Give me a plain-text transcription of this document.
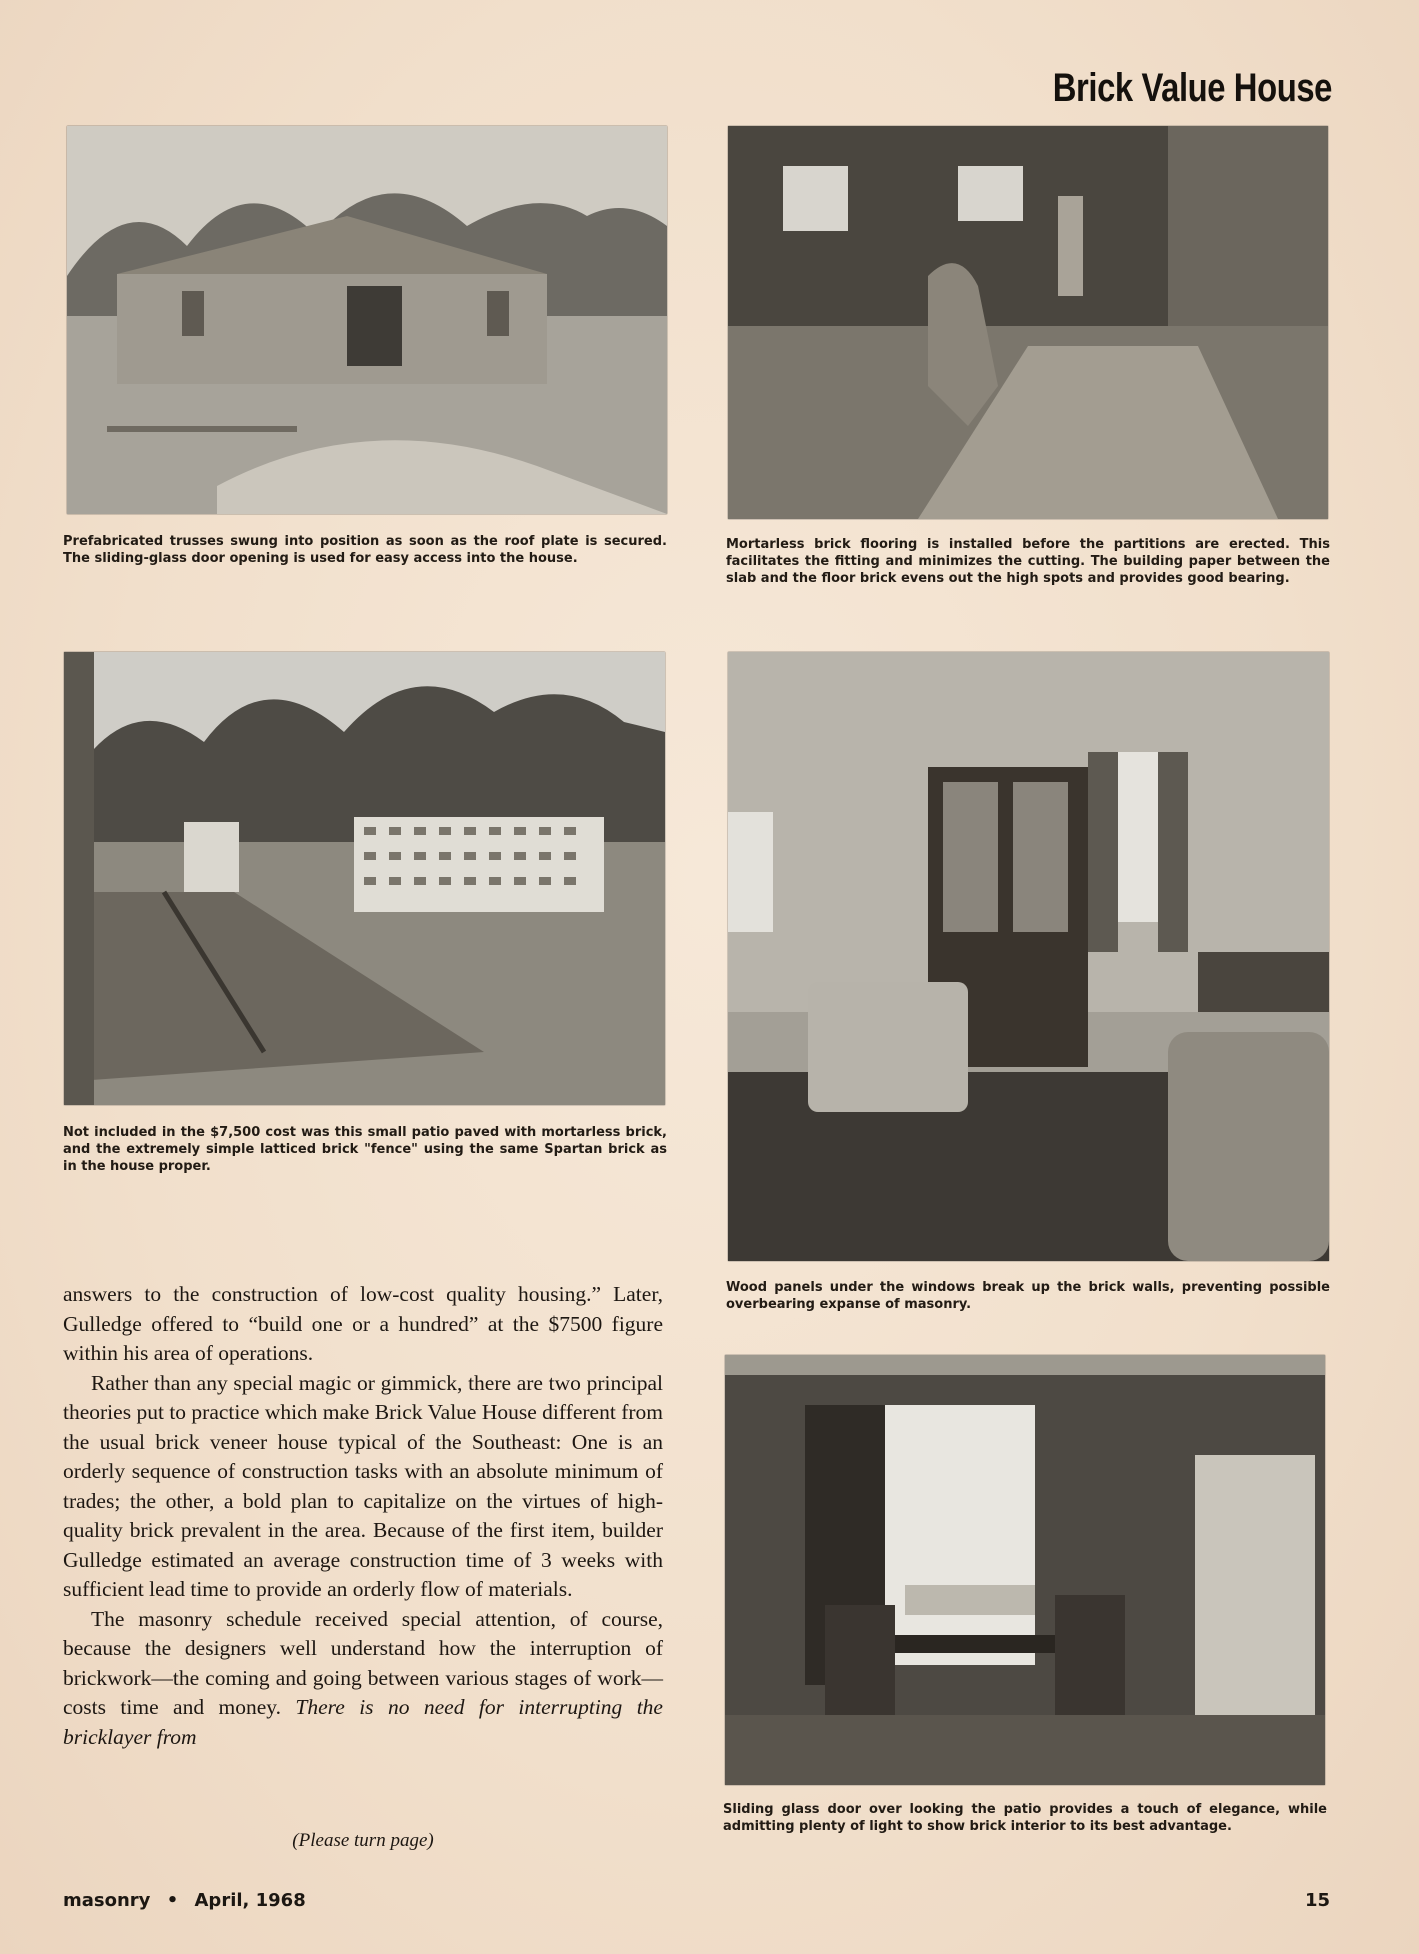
Brick Value House
Prefabricated trusses swung into position as soon as the roof plate is secured. The sliding-glass door opening is used for easy access into the house.
Mortarless brick flooring is installed before the partitions are erected. This facilitates the fitting and minimizes the cutting. The building paper between the slab and the floor brick evens out the high spots and provides good bearing.
Not included in the $7,500 cost was this small patio paved with mortarless brick, and the extremely simple latticed brick "fence" using the same Spartan brick as in the house proper.
Wood panels under the windows break up the brick walls, preventing possible overbearing expanse of masonry.
Sliding glass door over looking the patio provides a touch of elegance, while admitting plenty of light to show brick interior to its best advantage.

answers to the construction of low-cost quality housing.” Later, Gulledge offered to “build one or a hundred” at the $7500 figure within his area of operations.

Rather than any special magic or gimmick, there are two principal theories put to practice which make Brick Value House different from the usual brick veneer house typical of the Southeast: One is an orderly sequence of construction tasks with an absolute minimum of trades; the other, a bold plan to capitalize on the virtues of high-quality brick prevalent in the area. Because of the first item, builder Gulledge estimated an average construction time of 3 weeks with sufficient lead time to provide an orderly flow of materials.

The masonry schedule received special attention, of course, because the designers well understand how the interruption of brickwork—the coming and going between various stages of work—costs time and money. There is no need for interrupting the bricklayer from

(Please turn page)
masonry • April, 1968	15
